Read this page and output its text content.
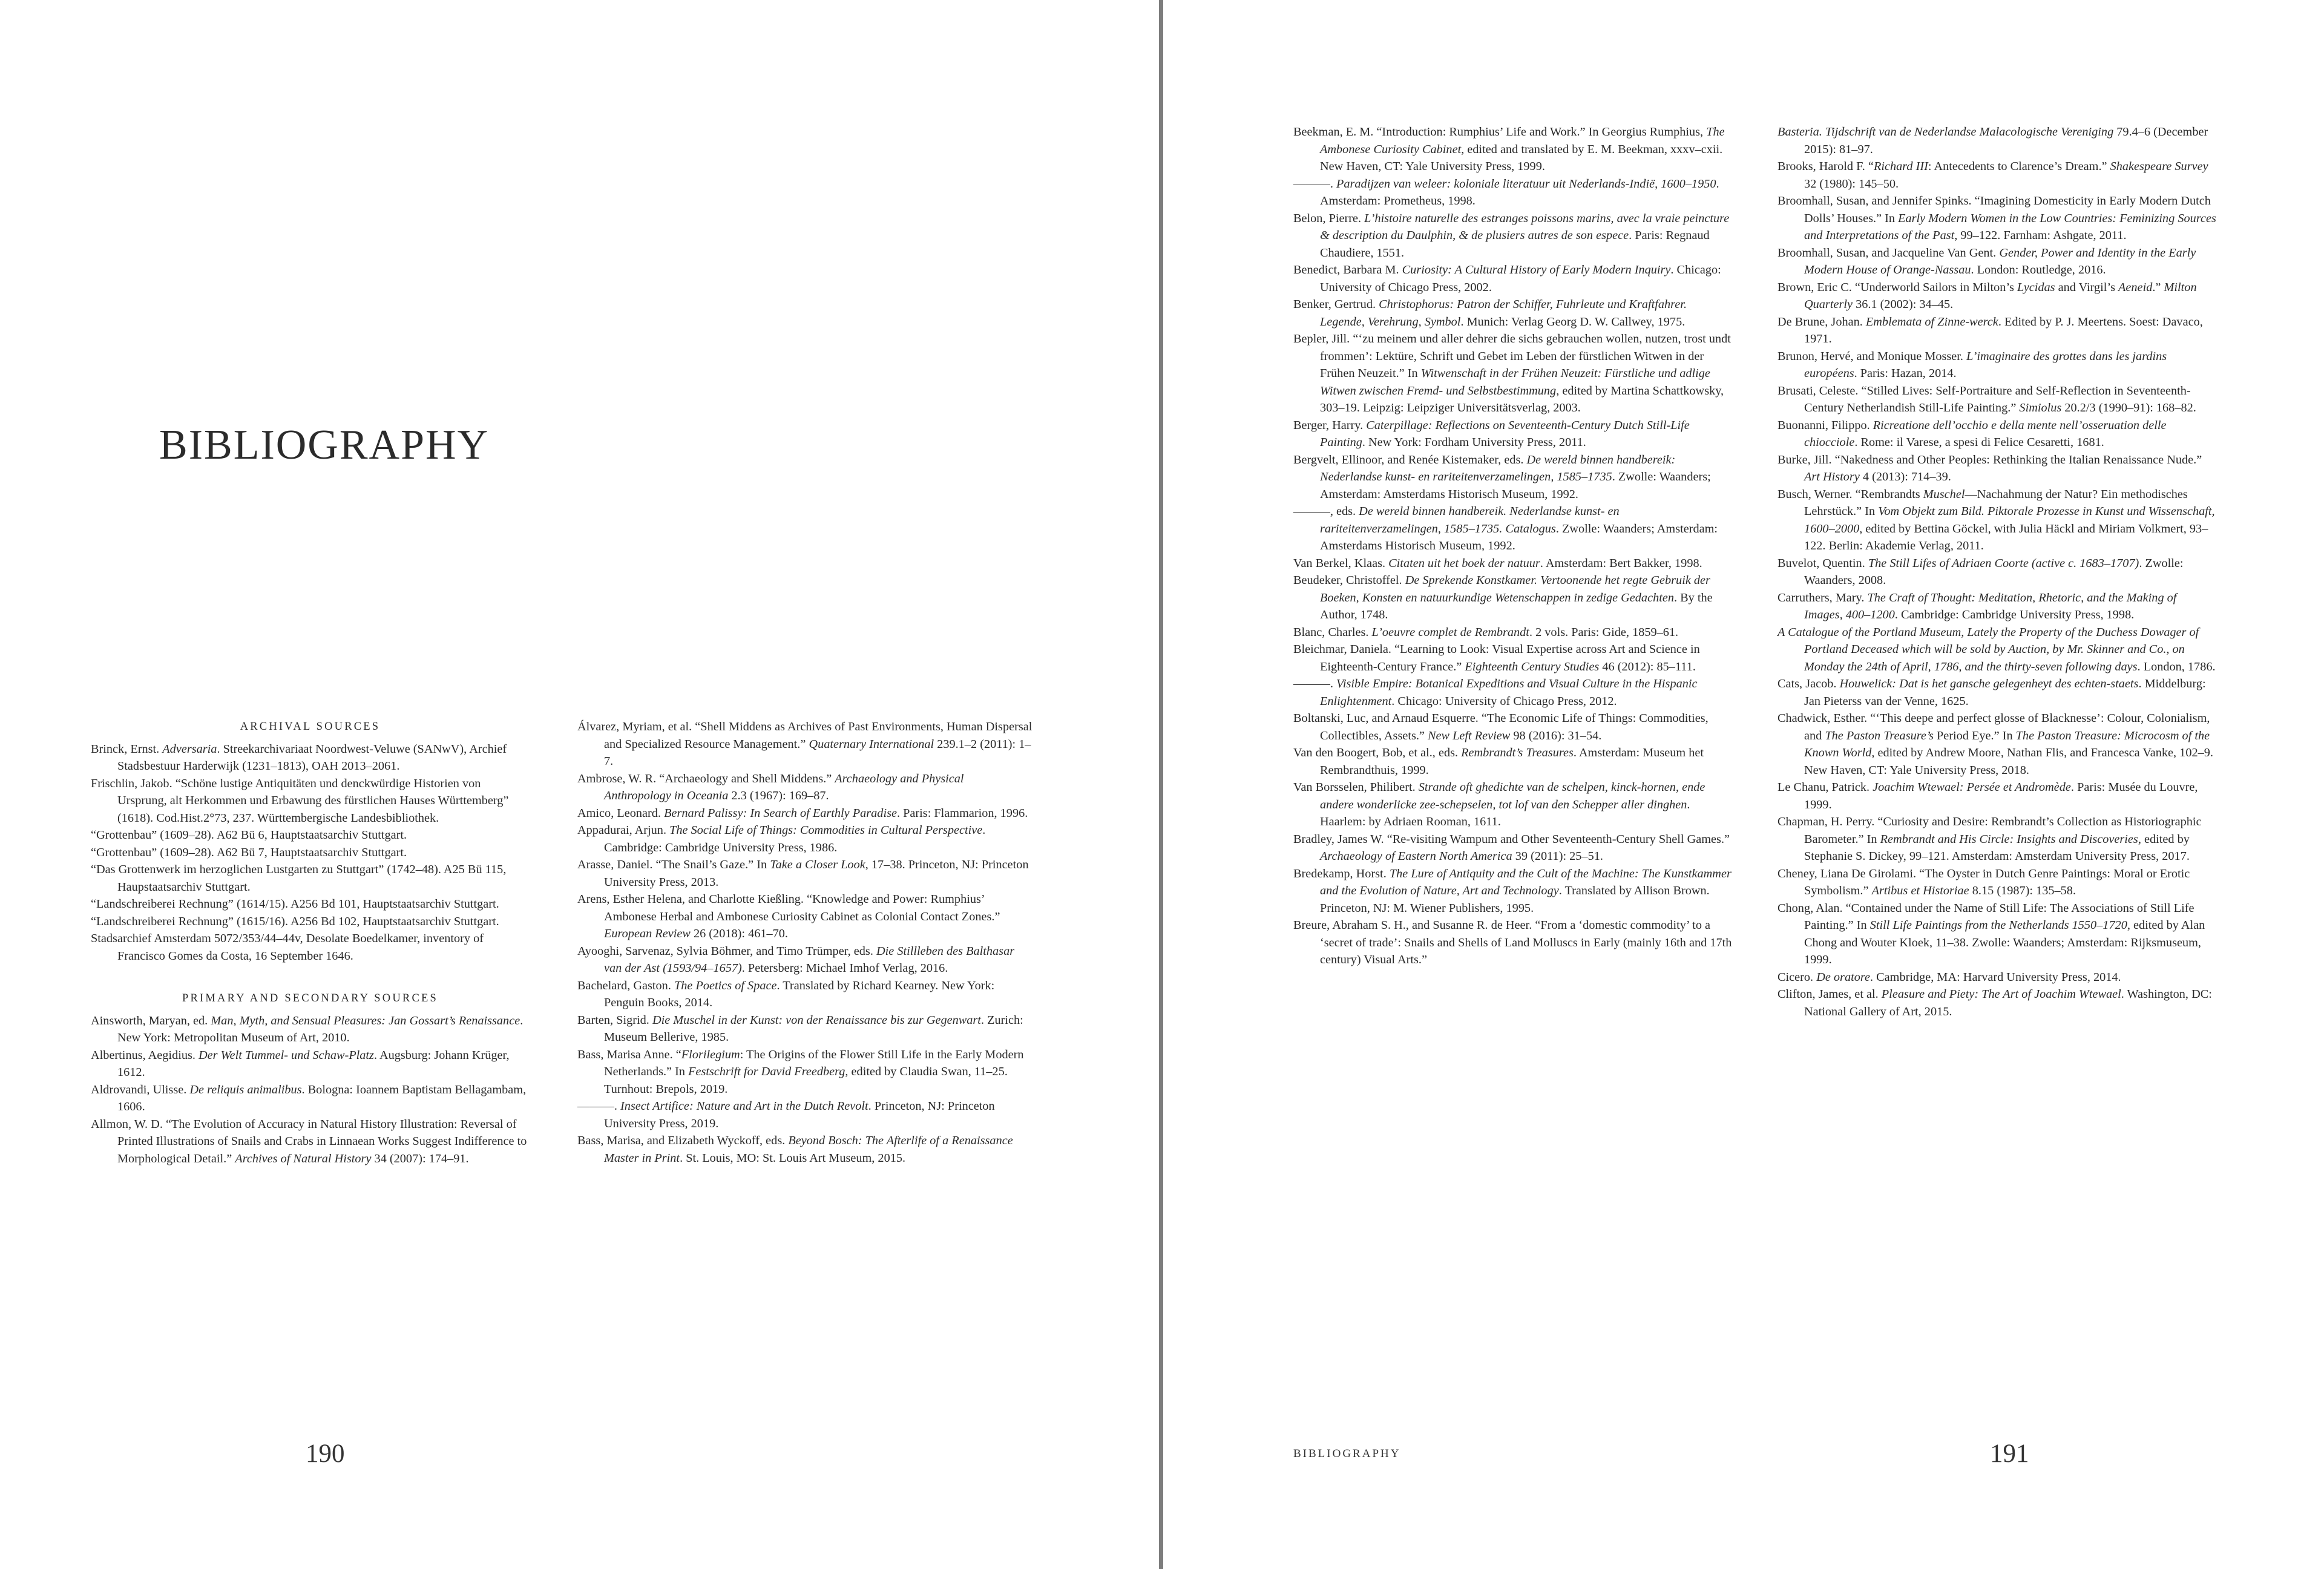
BIBLIOGRAPHY
ARCHIVAL SOURCES

Brinck, Ernst. Adversaria. Streekarchivariaat Noordwest-Veluwe (SANwV), Archief Stadsbestuur Harderwijk (1231–1813), OAH 2013–2061.

Frischlin, Jakob. “Schöne lustige Antiquitäten und denckwürdige Historien von Ursprung, alt Herkommen und Erbawung des fürstlichen Hauses Württemberg” (1618). Cod.Hist.2°73, 237. Württembergische Landesbibliothek.

“Grottenbau” (1609–28). A62 Bü 6, Hauptstaatsarchiv Stuttgart.

“Grottenbau” (1609–28). A62 Bü 7, Hauptstaatsarchiv Stuttgart.

“Das Grottenwerk im herzoglichen Lustgarten zu Stuttgart” (1742–48). A25 Bü 115, Haupstaatsarchiv Stuttgart.

“Landschreiberei Rechnung” (1614/15). A256 Bd 101, Hauptstaatsarchiv Stuttgart.

“Landschreiberei Rechnung” (1615/16). A256 Bd 102, Hauptstaatsarchiv Stuttgart.

Stadsarchief Amsterdam 5072/353/44–44v, Desolate Boedelkamer, inventory of Francisco Gomes da Costa, 16 September 1646.

PRIMARY AND SECONDARY SOURCES

Ainsworth, Maryan, ed. Man, Myth, and Sensual Pleasures: Jan Gossart’s Renaissance. New York: Metropolitan Museum of Art, 2010.

Albertinus, Aegidius. Der Welt Tummel- und Schaw-Platz. Augsburg: Johann Krüger, 1612.

Aldrovandi, Ulisse. De reliquis animalibus. Bologna: Ioannem Baptistam Bellagambam, 1606.

Allmon, W. D. “The Evolution of Accuracy in Natural History Illustration: Reversal of Printed Illustrations of Snails and Crabs in Linnaean Works Suggest Indifference to Morphological Detail.” Archives of Natural History 34 (2007): 174–91.

Álvarez, Myriam, et al. “Shell Middens as Archives of Past Environments, Human Dispersal and Specialized Resource Management.” Quaternary International 239.1–2 (2011): 1–7.

Ambrose, W. R. “Archaeology and Shell Middens.” Archaeology and Physical Anthropology in Oceania 2.3 (1967): 169–87.

Amico, Leonard. Bernard Palissy: In Search of Earthly Paradise. Paris: Flammarion, 1996.

Appadurai, Arjun. The Social Life of Things: Commodities in Cultural Perspective. Cambridge: Cambridge University Press, 1986.

Arasse, Daniel. “The Snail’s Gaze.” In Take a Closer Look, 17–38. Princeton, NJ: Princeton University Press, 2013.

Arens, Esther Helena, and Charlotte Kießling. “Knowledge and Power: Rumphius’ Ambonese Herbal and Ambonese Curiosity Cabinet as Colonial Contact Zones.” European Review 26 (2018): 461–70.

Ayooghi, Sarvenaz, Sylvia Böhmer, and Timo Trümper, eds. Die Stillleben des Balthasar van der Ast (1593/94–1657). Petersberg: Michael Imhof Verlag, 2016.

Bachelard, Gaston. The Poetics of Space. Translated by Richard Kearney. New York: Penguin Books, 2014.

Barten, Sigrid. Die Muschel in der Kunst: von der Renaissance bis zur Gegenwart. Zurich: Museum Bellerive, 1985.

Bass, Marisa Anne. “Florilegium: The Origins of the Flower Still Life in the Early Modern Netherlands.” In Festschrift for David Freedberg, edited by Claudia Swan, 11–25. Turnhout: Brepols, 2019.

———. Insect Artifice: Nature and Art in the Dutch Revolt. Princeton, NJ: Princeton University Press, 2019.

Bass, Marisa, and Elizabeth Wyckoff, eds. Beyond Bosch: The Afterlife of a Renaissance Master in Print. St. Louis, MO: St. Louis Art Museum, 2015.

190

Beekman, E. M. “Introduction: Rumphius’ Life and Work.” In Georgius Rumphius, The Ambonese Curiosity Cabinet, edited and translated by E. M. Beekman, xxxv–cxii. New Haven, CT: Yale University Press, 1999.

———. Paradijzen van weleer: koloniale literatuur uit Nederlands-Indië, 1600–1950. Amsterdam: Prometheus, 1998.

Belon, Pierre. L’histoire naturelle des estranges poissons marins, avec la vraie peincture & description du Daulphin, & de plusiers autres de son espece. Paris: Regnaud Chaudiere, 1551.

Benedict, Barbara M. Curiosity: A Cultural History of Early Modern Inquiry. Chicago: University of Chicago Press, 2002.

Benker, Gertrud. Christophorus: Patron der Schiffer, Fuhrleute und Kraftfahrer. Legende, Verehrung, Symbol. Munich: Verlag Georg D. W. Callwey, 1975.

Bepler, Jill. “‘zu meinem und aller dehrer die sichs gebrauchen wollen, nutzen, trost undt frommen’: Lektüre, Schrift und Gebet im Leben der fürstlichen Witwen in der Frühen Neuzeit.” In Witwenschaft in der Frühen Neuzeit: Fürstliche und adlige Witwen zwischen Fremd- und Selbstbestimmung, edited by Martina Schattkowsky, 303–19. Leipzig: Leipziger Universitätsverlag, 2003.

Berger, Harry. Caterpillage: Reflections on Seventeenth-Century Dutch Still-Life Painting. New York: Fordham University Press, 2011.

Bergvelt, Ellinoor, and Renée Kistemaker, eds. De wereld binnen handbereik: Nederlandse kunst- en rariteitenverzamelingen, 1585–1735. Zwolle: Waanders; Amsterdam: Amsterdams Historisch Museum, 1992.

———, eds. De wereld binnen handbereik. Nederlandse kunst- en rariteitenverzamelingen, 1585–1735. Catalogus. Zwolle: Waanders; Amsterdam: Amsterdams Historisch Museum, 1992.

Van Berkel, Klaas. Citaten uit het boek der natuur. Amsterdam: Bert Bakker, 1998.

Beudeker, Christoffel. De Sprekende Konstkamer. Vertoonende het regte Gebruik der Boeken, Konsten en natuurkundige Wetenschappen in zedige Gedachten. By the Author, 1748.

Blanc, Charles. L’oeuvre complet de Rembrandt. 2 vols. Paris: Gide, 1859–61.

Bleichmar, Daniela. “Learning to Look: Visual Expertise across Art and Science in Eighteenth-Century France.” Eighteenth Century Studies 46 (2012): 85–111.

———. Visible Empire: Botanical Expeditions and Visual Culture in the Hispanic Enlightenment. Chicago: University of Chicago Press, 2012.

Boltanski, Luc, and Arnaud Esquerre. “The Economic Life of Things: Commodities, Collectibles, Assets.” New Left Review 98 (2016): 31–54.

Van den Boogert, Bob, et al., eds. Rembrandt’s Treasures. Amsterdam: Museum het Rembrandthuis, 1999.

Van Borsselen, Philibert. Strande oft ghedichte van de schelpen, kinck-hornen, ende andere wonderlicke zee-schepselen, tot lof van den Schepper aller dinghen. Haarlem: by Adriaen Rooman, 1611.

Bradley, James W. “Re-visiting Wampum and Other Seventeenth-Century Shell Games.” Archaeology of Eastern North America 39 (2011): 25–51.

Bredekamp, Horst. The Lure of Antiquity and the Cult of the Machine: The Kunstkammer and the Evolution of Nature, Art and Technology. Translated by Allison Brown. Princeton, NJ: M. Wiener Publishers, 1995.

Breure, Abraham S. H., and Susanne R. de Heer. “From a ‘domestic commodity’ to a ‘secret of trade’: Snails and Shells of Land Molluscs in Early (mainly 16th and 17th century) Visual Arts.”

Basteria. Tijdschrift van de Nederlandse Malacologische Vereniging 79.4–6 (December 2015): 81–97.

Brooks, Harold F. “Richard III: Antecedents to Clarence’s Dream.” Shakespeare Survey 32 (1980): 145–50.

Broomhall, Susan, and Jennifer Spinks. “Imagining Domesticity in Early Modern Dutch Dolls’ Houses.” In Early Modern Women in the Low Countries: Feminizing Sources and Interpretations of the Past, 99–122. Farnham: Ashgate, 2011.

Broomhall, Susan, and Jacqueline Van Gent. Gender, Power and Identity in the Early Modern House of Orange-Nassau. London: Routledge, 2016.

Brown, Eric C. “Underworld Sailors in Milton’s Lycidas and Virgil’s Aeneid.” Milton Quarterly 36.1 (2002): 34–45.

De Brune, Johan. Emblemata of Zinne-werck. Edited by P. J. Meertens. Soest: Davaco, 1971.

Brunon, Hervé, and Monique Mosser. L’imaginaire des grottes dans les jardins européens. Paris: Hazan, 2014.

Brusati, Celeste. “Stilled Lives: Self-Portraiture and Self-Reflection in Seventeenth-Century Netherlandish Still-Life Painting.” Simiolus 20.2/3 (1990–91): 168–82.

Buonanni, Filippo. Ricreatione dell’occhio e della mente nell’osseruation delle chiocciole. Rome: il Varese, a spesi di Felice Cesaretti, 1681.

Burke, Jill. “Nakedness and Other Peoples: Rethinking the Italian Renaissance Nude.” Art History 4 (2013): 714–39.

Busch, Werner. “Rembrandts Muschel—Nachahmung der Natur? Ein methodisches Lehrstück.” In Vom Objekt zum Bild. Piktorale Prozesse in Kunst und Wissenschaft, 1600–2000, edited by Bettina Göckel, with Julia Häckl and Miriam Volkmert, 93–122. Berlin: Akademie Verlag, 2011.

Buvelot, Quentin. The Still Lifes of Adriaen Coorte (active c. 1683–1707). Zwolle: Waanders, 2008.

Carruthers, Mary. The Craft of Thought: Meditation, Rhetoric, and the Making of Images, 400–1200. Cambridge: Cambridge University Press, 1998.

A Catalogue of the Portland Museum, Lately the Property of the Duchess Dowager of Portland Deceased which will be sold by Auction, by Mr. Skinner and Co., on Monday the 24th of April, 1786, and the thirty-seven following days. London, 1786.

Cats, Jacob. Houwelick: Dat is het gansche gelegenheyt des echten-staets. Middelburg: Jan Pieterss van der Venne, 1625.

Chadwick, Esther. “‘This deepe and perfect glosse of Blacknesse’: Colour, Colonialism, and The Paston Treasure’s Period Eye.” In The Paston Treasure: Microcosm of the Known World, edited by Andrew Moore, Nathan Flis, and Francesca Vanke, 102–9. New Haven, CT: Yale University Press, 2018.

Le Chanu, Patrick. Joachim Wtewael: Persée et Andromède. Paris: Musée du Louvre, 1999.

Chapman, H. Perry. “Curiosity and Desire: Rembrandt’s Collection as Historiographic Barometer.” In Rembrandt and His Circle: Insights and Discoveries, edited by Stephanie S. Dickey, 99–121. Amsterdam: Amsterdam University Press, 2017.

Cheney, Liana De Girolami. “The Oyster in Dutch Genre Paintings: Moral or Erotic Symbolism.” Artibus et Historiae 8.15 (1987): 135–58.

Chong, Alan. “Contained under the Name of Still Life: The Associations of Still Life Painting.” In Still Life Paintings from the Netherlands 1550–1720, edited by Alan Chong and Wouter Kloek, 11–38. Zwolle: Waanders; Amsterdam: Rijksmuseum, 1999.

Cicero. De oratore. Cambridge, MA: Harvard University Press, 2014.

Clifton, James, et al. Pleasure and Piety: The Art of Joachim Wtewael. Washington, DC: National Gallery of Art, 2015.

BIBLIOGRAPHY	191
